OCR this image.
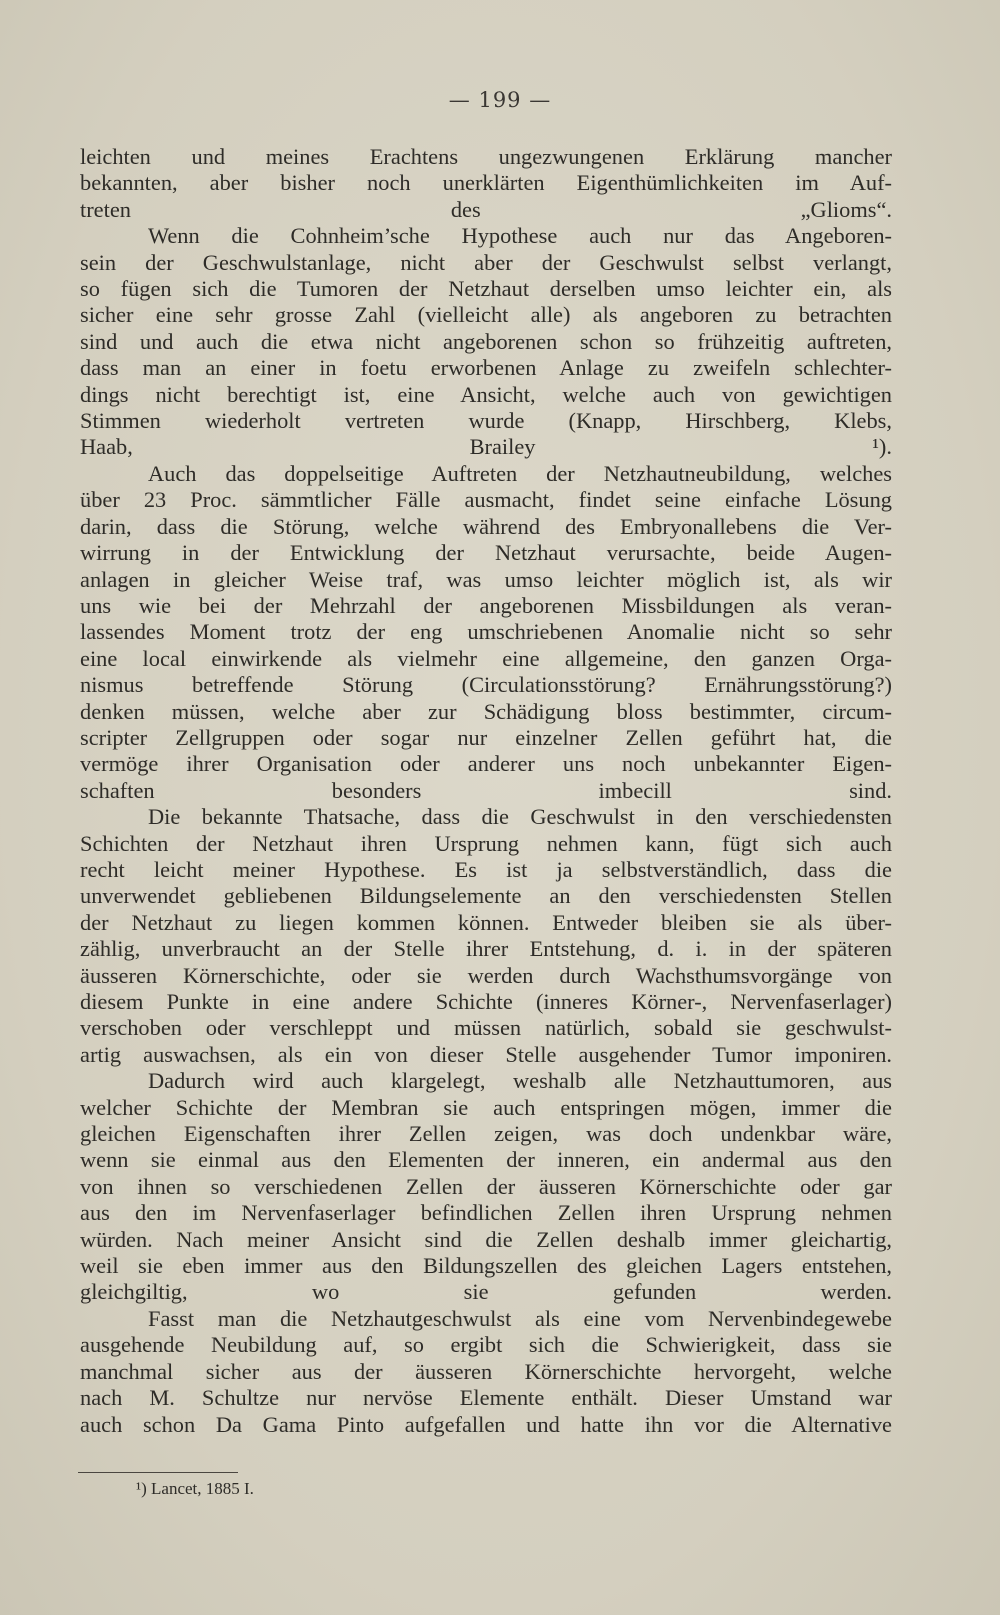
— 199 —
leichten und meines Erachtens ungezwungenen Erklärung mancher
bekannten, aber bisher noch unerklärten Eigenthümlichkeiten im Auf-
treten des „Glioms“.
Wenn die Cohnheim’sche Hypothese auch nur das Angeboren-
sein der Geschwulstanlage, nicht aber der Geschwulst selbst verlangt,
so fügen sich die Tumoren der Netzhaut derselben umso leichter ein, als
sicher eine sehr grosse Zahl (vielleicht alle) als angeboren zu betrachten
sind und auch die etwa nicht angeborenen schon so frühzeitig auftreten,
dass man an einer in foetu erworbenen Anlage zu zweifeln schlechter-
dings nicht berechtigt ist, eine Ansicht, welche auch von gewichtigen
Stimmen wiederholt vertreten wurde (Knapp, Hirschberg, Klebs,
Haab, Brailey ¹).
Auch das doppelseitige Auftreten der Netzhautneubildung, welches
über 23 Proc. sämmtlicher Fälle ausmacht, findet seine einfache Lösung
darin, dass die Störung, welche während des Embryonallebens die Ver-
wirrung in der Entwicklung der Netzhaut verursachte, beide Augen-
anlagen in gleicher Weise traf, was umso leichter möglich ist, als wir
uns wie bei der Mehrzahl der angeborenen Missbildungen als veran-
lassendes Moment trotz der eng umschriebenen Anomalie nicht so sehr
eine local einwirkende als vielmehr eine allgemeine, den ganzen Orga-
nismus betreffende Störung (Circulationsstörung? Ernährungsstörung?)
denken müssen, welche aber zur Schädigung bloss bestimmter, circum-
scripter Zellgruppen oder sogar nur einzelner Zellen geführt hat, die
vermöge ihrer Organisation oder anderer uns noch unbekannter Eigen-
schaften besonders imbecill sind.
Die bekannte Thatsache, dass die Geschwulst in den verschiedensten
Schichten der Netzhaut ihren Ursprung nehmen kann, fügt sich auch
recht leicht meiner Hypothese. Es ist ja selbstverständlich, dass die
unverwendet gebliebenen Bildungselemente an den verschiedensten Stellen
der Netzhaut zu liegen kommen können. Entweder bleiben sie als über-
zählig, unverbraucht an der Stelle ihrer Entstehung, d. i. in der späteren
äusseren Körnerschichte, oder sie werden durch Wachsthumsvorgänge von
diesem Punkte in eine andere Schichte (inneres Körner-, Nervenfaserlager)
verschoben oder verschleppt und müssen natürlich, sobald sie geschwulst-
artig auswachsen, als ein von dieser Stelle ausgehender Tumor imponiren.
Dadurch wird auch klargelegt, weshalb alle Netzhauttumoren, aus
welcher Schichte der Membran sie auch entspringen mögen, immer die
gleichen Eigenschaften ihrer Zellen zeigen, was doch undenkbar wäre,
wenn sie einmal aus den Elementen der inneren, ein andermal aus den
von ihnen so verschiedenen Zellen der äusseren Körnerschichte oder gar
aus den im Nervenfaserlager befindlichen Zellen ihren Ursprung nehmen
würden. Nach meiner Ansicht sind die Zellen deshalb immer gleichartig,
weil sie eben immer aus den Bildungszellen des gleichen Lagers entstehen,
gleichgiltig, wo sie gefunden werden.
Fasst man die Netzhautgeschwulst als eine vom Nervenbindegewebe
ausgehende Neubildung auf, so ergibt sich die Schwierigkeit, dass sie
manchmal sicher aus der äusseren Körnerschichte hervorgeht, welche
nach M. Schultze nur nervöse Elemente enthält. Dieser Umstand war
auch schon Da Gama Pinto aufgefallen und hatte ihn vor die Alternative
¹) Lancet, 1885 I.
